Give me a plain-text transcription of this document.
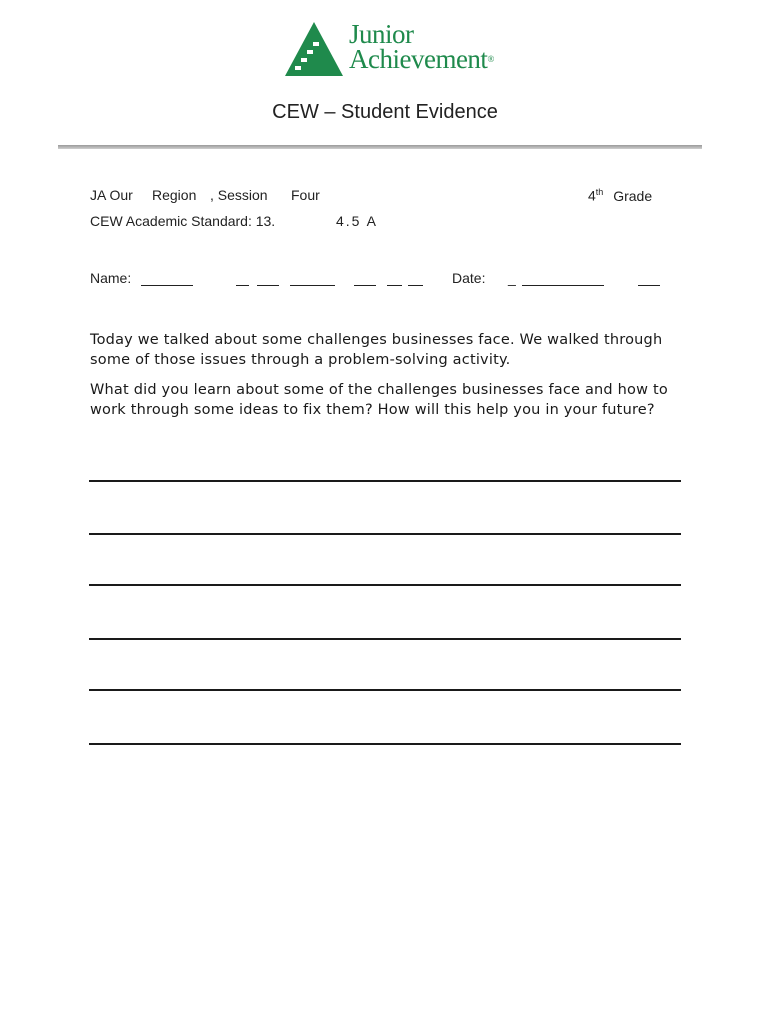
Junior
Achievement®
CEW – Student Evidence
JA Our Region , Session Four	4th Grade
CEW Academic Standard: 13.	4.5 A
Name:	Date: _
Today we talked about some challenges businesses face. We walked through some of those issues through a problem-solving activity.
What did you learn about some of the challenges businesses face and how to work through some ideas to fix them? How will this help you in your future?
